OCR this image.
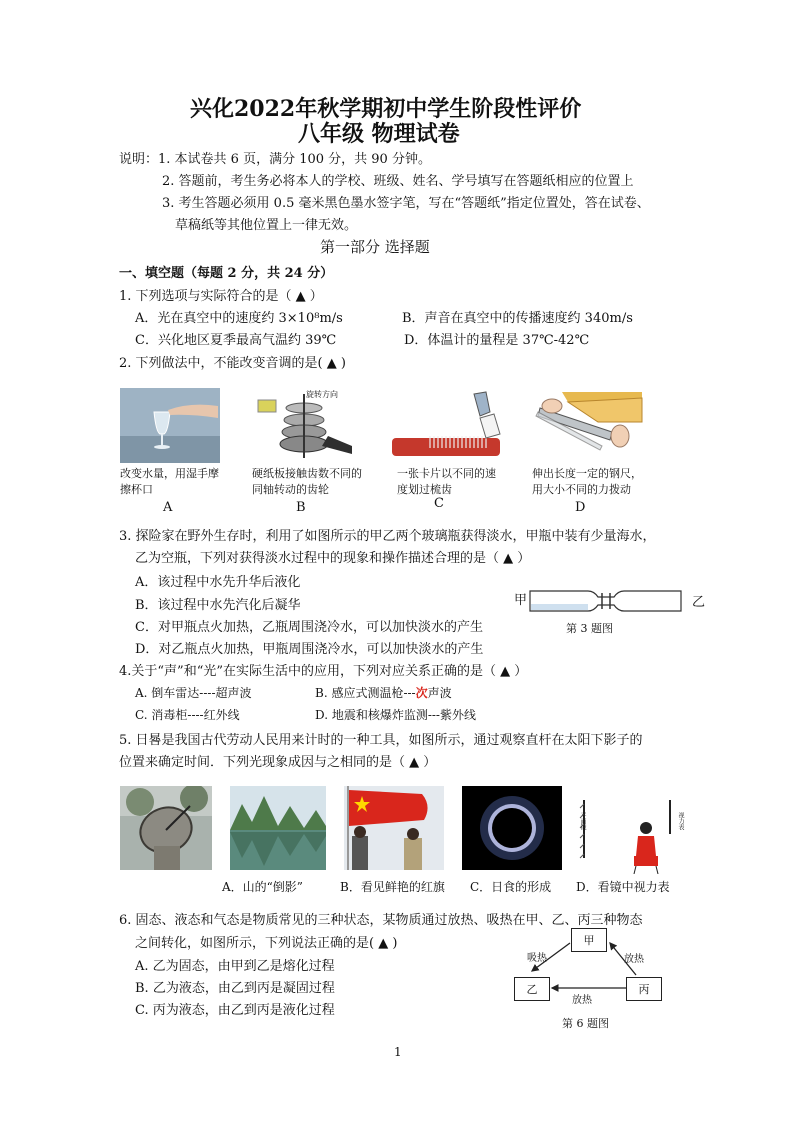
兴化2022年秋学期初中学生阶段性评价
八年级 物理试卷
说明：1. 本试卷共 6 页，满分 100 分，共 90 分钟。
2. 答题前，考生务必将本人的学校、班级、姓名、学号填写在答题纸相应的位置上
3. 考生答题必须用 0.5 毫米黑色墨水签字笔，写在“答题纸”指定位置处，答在试卷、
草稿纸等其他位置上一律无效。
第一部分 选择题
一、填空题（每题 2 分，共 24 分）
1. 下列选项与实际符合的是（ ▲ ）
A．光在真空中的速度约 3×10⁸m/s	B．声音在真空中的传播速度约 340m/s
C．兴化地区夏季最高气温约 39℃	D．体温计的量程是 37℃-42℃
2. 下列做法中，不能改变音调的是( ▲ )
改变水量，用湿手摩擦杯口
A
旋转方向
硬纸板接触齿数不同的同轴转动的齿轮
B
一张卡片以不同的速度划过梳齿
C
伸出长度一定的钢尺，用大小不同的力拨动
D
3. 探险家在野外生存时，利用了如图所示的甲乙两个玻璃瓶获得淡水，甲瓶中装有少量海水，
乙为空瓶，下列对获得淡水过程中的现象和操作描述合理的是（ ▲ ）
A．该过程中水先升华后液化
B．该过程中水先汽化后凝华
C．对甲瓶点火加热，乙瓶周围浇冷水，可以加快淡水的产生
D．对乙瓶点火加热，甲瓶周围浇冷水，可以加快淡水的产生
甲	乙
第 3 题图
4.关于“声”和“光”在实际生活中的应用，下列对应关系正确的是（ ▲ ）
A. 倒车雷达----超声波	B. 感应式测温枪---次声波
C. 消毒柜----红外线	D. 地震和核爆炸监测---紫外线
5. 日晷是我国古代劳动人民用来计时的一种工具，如图所示，通过观察直杆在太阳下影子的
位置来确定时间．下列光现象成因与之相同的是（ ▲ ）
平面镜	视力表
A．山的“倒影”	B．看见鲜艳的红旗 C．日食的形成 D．看镜中视力表
6. 固态、液态和气态是物质常见的三种状态，某物质通过放热、吸热在甲、乙、丙三种物态
之间转化，如图所示，下列说法正确的是( ▲ )
A. 乙为固态，由甲到乙是熔化过程
B. 乙为液态，由乙到丙是凝固过程
C. 丙为液态，由乙到丙是液化过程
甲
乙	丙
吸热	放热
放热
第 6 题图
1
